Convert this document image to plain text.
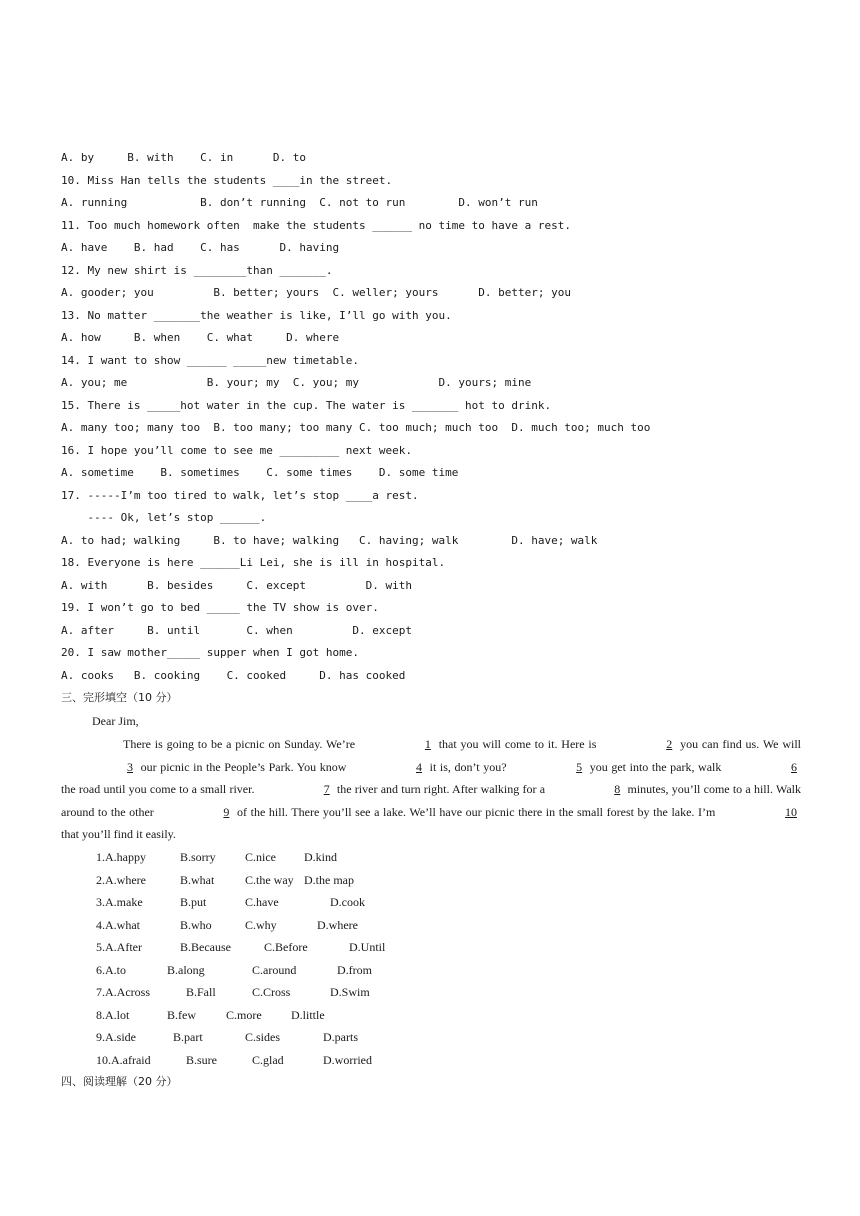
A. by     B. with    C. in      D. to
10. Miss Han tells the students ____in the street.
A. running           B. don’t running  C. not to run        D. won’t run
11. Too much homework often  make the students ______ no time to have a rest.
A. have    B. had    C. has      D. having
12. My new shirt is ________than _______.
A. gooder; you         B. better; yours  C. weller; yours      D. better; you
13. No matter _______the weather is like, I’ll go with you.
A. how     B. when    C. what     D. where
14. I want to show ______ _____new timetable.
A. you; me            B. your; my  C. you; my            D. yours; mine
15. There is _____hot water in the cup. The water is _______ hot to drink.
A. many too; many too  B. too many; too many C. too much; much too  D. much too; much too
16. I hope you’ll come to see me _________ next week.
A. sometime    B. sometimes    C. some times    D. some time
17. -----I’m too tired to walk, let’s stop ____a rest.
---- Ok, let’s stop ______.
A. to had; walking     B. to have; walking   C. having; walk        D. have; walk
18. Everyone is here ______Li Lei, she is ill in hospital.
A. with      B. besides     C. except         D. with
19. I won’t go to bed _____ the TV show is over.
A. after     B. until       C. when         D. except
20. I saw mother_____ supper when I got home.
A. cooks   B. cooking    C. cooked     D. has cooked
三、完形填空（10 分）
Dear Jim,
There is going to be a picnic on Sunday. We’re	1 that you will come to it. Here is	2 you can find us. We will 3 our picnic in the People’s Park. You know	4 it is, don’t you?	5 you get into the park, walk	6 the road until you come to a small river.	7 the river and turn right. After walking for a	8 minutes, you’ll come to a hill. Walk around to the other	9 of the hill. There you’ll see a lake. We’ll have our picnic there in the small forest by the lake. I’m	10 that you’ll find it easily.
1.A.happy	B.sorry C.nice D.kind
2.A.where	B.what	C.the way D.the map
3.A.make	B.put	C.have	D.cook
4.A.what	B.who	C.why	D.where
5.A.After	B.Because	C.Before	D.Until
6.A.to	B.along	C.around	D.from
7.A.Across	B.Fall	C.Cross	D.Swim
8.A.lot	B.few	C.more D.little
9.A.side	B.part	C.sides	D.parts
10.A.afraid	B.sure	C.glad	D.worried
四、阅读理解（20 分）
